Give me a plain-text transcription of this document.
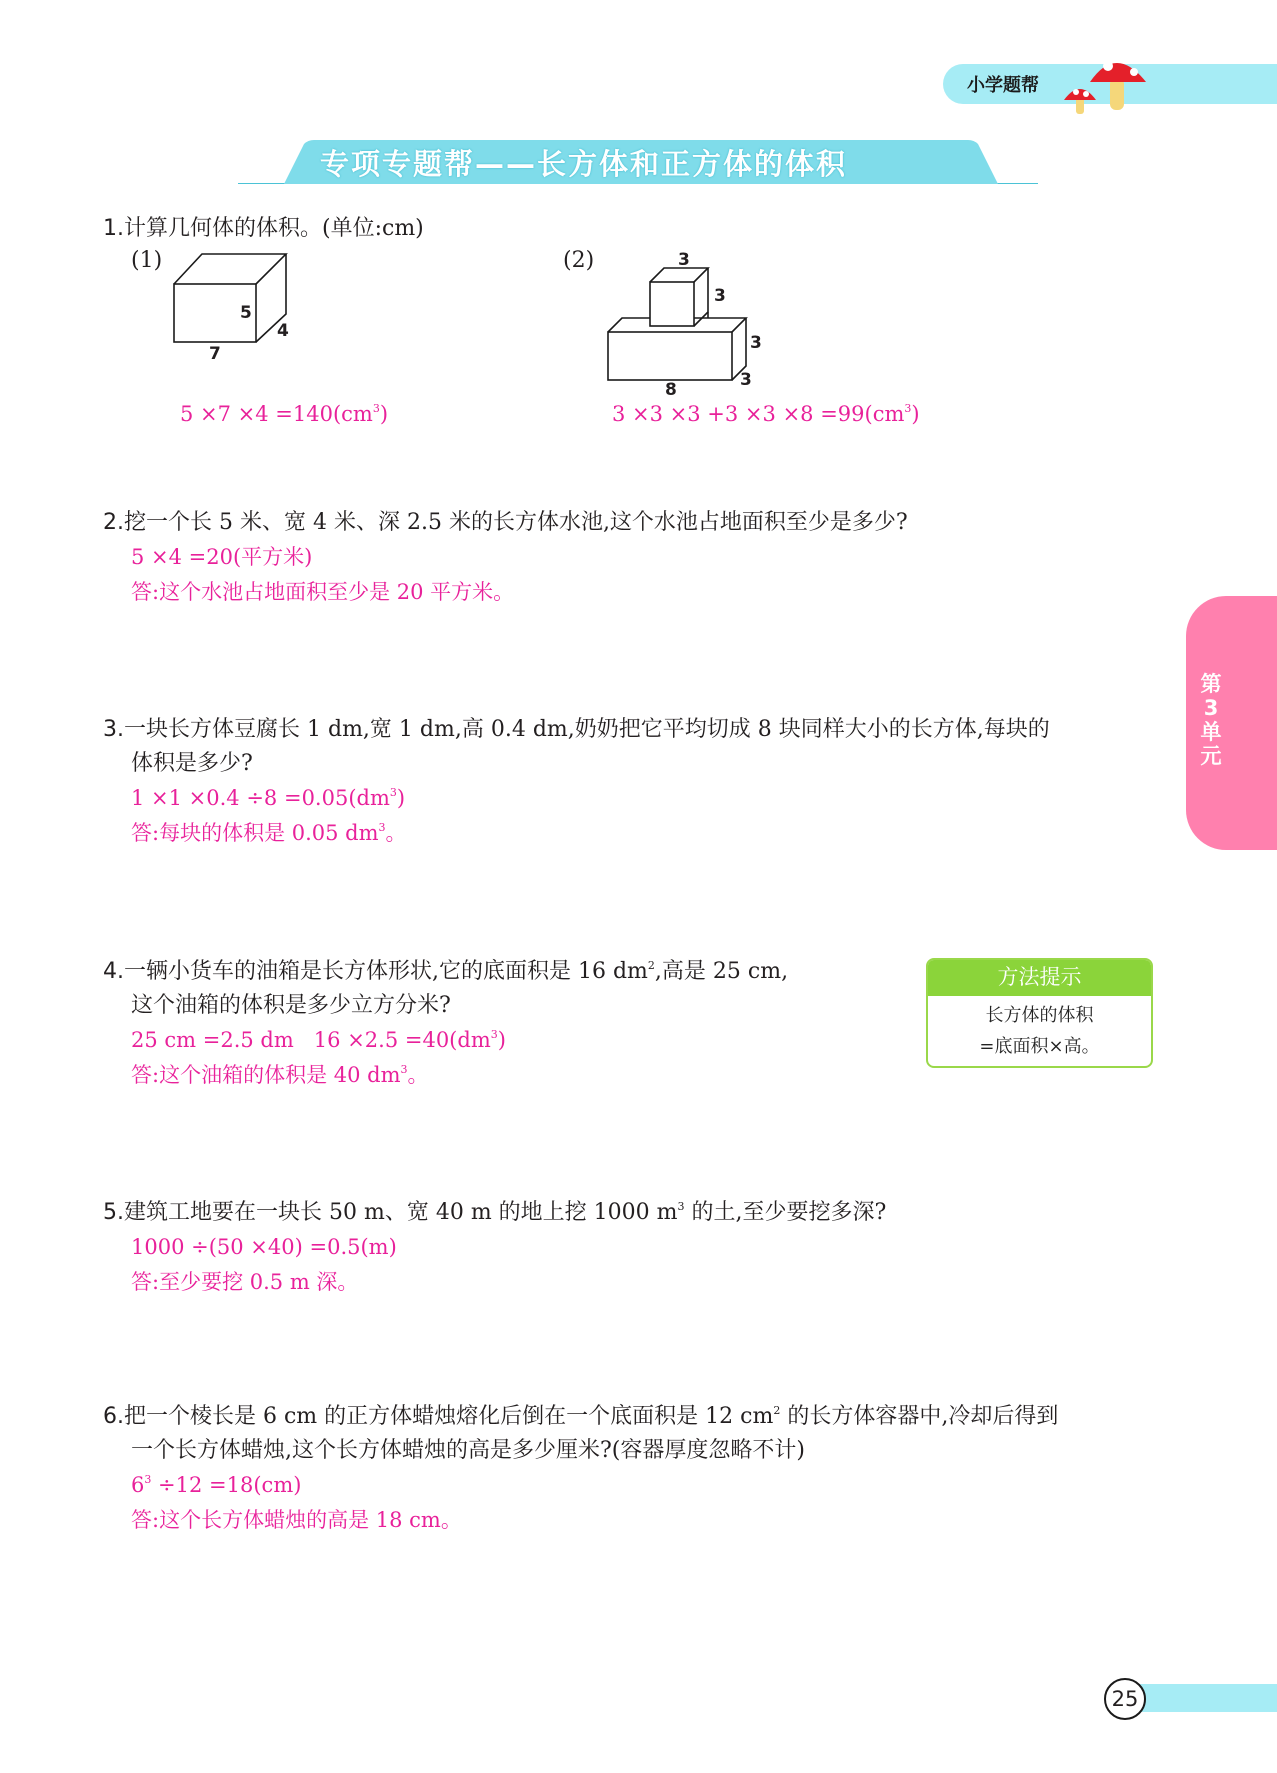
小学题帮
专项专题帮——长方体和正方体的体积
第3单元
1.计算几何体的体积。(单位:cm)
(1)	(2)
5
4
7
3
3
3
3
8
$5 \times 7 \times 4 =140(cm^3)$	$3 \times 3 \times 3 +3 \times 3 \times 8 =99(cm^3)$
2.挖一个长 5 米、宽 4 米、深 2.5 米的长方体水池,这个水池占地面积至少是多少?
5 ×4 =20(平方米)
答:这个水池占地面积至少是 20 平方米。
3.一块长方体豆腐长 1 dm,宽 1 dm,高 0.4 dm,奶奶把它平均切成 8 块同样大小的长方体,每块的
体积是多少?
$1 \times 1 \times 0.4 \div 8 =0.05(dm^3)$
答:每块的体积是 0.05 $dm^3$。
4.一辆小货车的油箱是长方体形状,它的底面积是 16 $dm^2$,高是 25 cm,
这个油箱的体积是多少立方分米?
25 cm =2.5 dm   $16 \times 2.5 =40(dm^3)$
答:这个油箱的体积是 40 $dm^3$。
方法提示
长方体的体积
=底面积×高。
5.建筑工地要在一块长 50 m、宽 40 m 的地上挖 1000 $m^3$ 的土,至少要挖多深?
1000 ÷(50 ×40) =0.5(m)
答:至少要挖 0.5 m 深。
6.把一个棱长是 6 cm 的正方体蜡烛熔化后倒在一个底面积是 12 $cm^2$ 的长方体容器中,冷却后得到
一个长方体蜡烛,这个长方体蜡烛的高是多少厘米?(容器厚度忽略不计)
$6^3 \div 12 =18(cm)$
答:这个长方体蜡烛的高是 18 cm。
25
